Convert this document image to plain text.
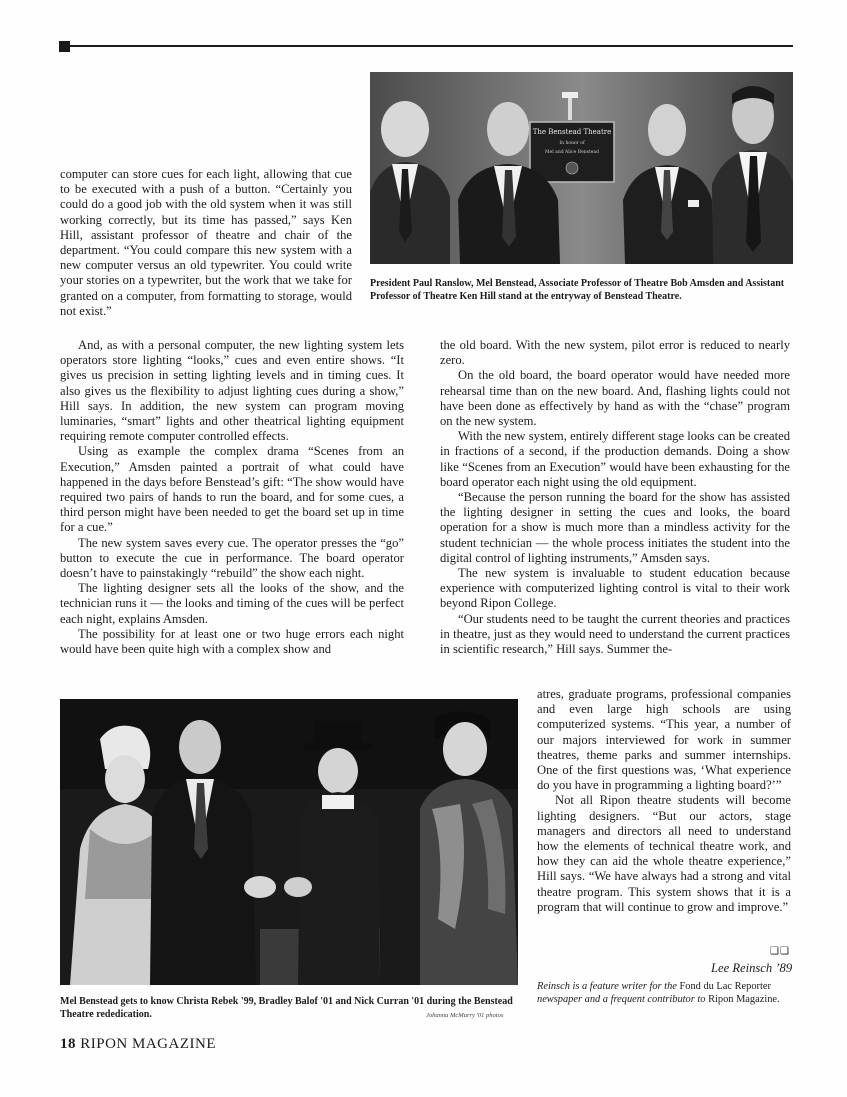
The Benstead Theatre
In honor of
Mel and Alice Benstead
President Paul Ranslow, Mel Benstead, Associate Professor of Theatre Bob Amsden and Assistant Professor of Theatre Ken Hill stand at the entryway of Benstead Theatre.

computer can store cues for each light, allowing that cue to be executed with a push of a button. “Certainly you could do a good job with the old system when it was still working correctly, but its time has passed,” says Ken Hill, assistant professor of theatre and chair of the department. “You could compare this new system with a new computer versus an old typewriter. You could write your stories on a typewriter, but the work that we take for granted on a computer, from formatting to storage, would not exist.”

And, as with a personal computer, the new lighting system lets operators store lighting “looks,” cues and even entire shows. “It gives us precision in setting lighting levels and in timing cues. It also gives us the flexibility to adjust lighting cues during a show,” Hill says. In addition, the new system can program moving luminaries, “smart” lights and other theatrical lighting equipment requiring remote computer controlled effects.

Using as example the complex drama “Scenes from an Execution,” Amsden painted a portrait of what could have happened in the days before Benstead’s gift: “The show would have required two pairs of hands to run the board, and for some cues, a third person might have been needed to get the board set up in time for a cue.”

The new system saves every cue. The operator presses the “go” button to execute the cue in performance. The board operator doesn’t have to painstakingly “rebuild” the show each night.

The lighting designer sets all the looks of the show, and the technician runs it — the looks and timing of the cues will be perfect each night, explains Amsden.

The possibility for at least one or two huge errors each night would have been quite high with a complex show and

the old board. With the new system, pilot error is reduced to nearly zero.

On the old board, the board operator would have needed more rehearsal time than on the new board. And, flashing lights could not have been done as effectively by hand as with the “chase” program on the new system.

With the new system, entirely different stage looks can be created in fractions of a second, if the production demands. Doing a show like “Scenes from an Execution” would have been exhausting for the board operator each night using the old equipment.

“Because the person running the board for the show has assisted the lighting designer in setting the cues and looks, the board operation for a show is much more than a mindless activity for the student technician — the whole process initiates the student into the digital control of lighting instruments,” Amsden says.

The new system is invaluable to student education because experience with computerized lighting control is vital to their work beyond Ripon College.

“Our students need to be taught the current theories and practices in theatre, just as they would need to understand the current practices in scientific research,” Hill says. Summer the-

Mel Benstead gets to know Christa Rebek '99, Bradley Balof '01 and Nick Curran '01 during the Benstead Theatre rededication.	Johanna McMurry '01 photos

atres, graduate programs, professional companies and even large high schools are using computerized systems. “This year, a number of our majors interviewed for work in summer theatres, theme parks and summer internships. One of the first questions was, ‘What experience do you have in programming a lighting board?’”

Not all Ripon theatre students will become lighting designers. “But our actors, stage managers and directors all need to understand how the elements of technical theatre work, and how they can aid the whole theatre experience,” Hill says. “We have always had a strong and vital theatre program. This system shows that it is a program that will continue to grow and improve.”

❏❏
Lee Reinsch ’89
Reinsch is a feature writer for the Fond du Lac Reporter newspaper and a frequent contributor to Ripon Magazine.
18 RIPON MAGAZINE
